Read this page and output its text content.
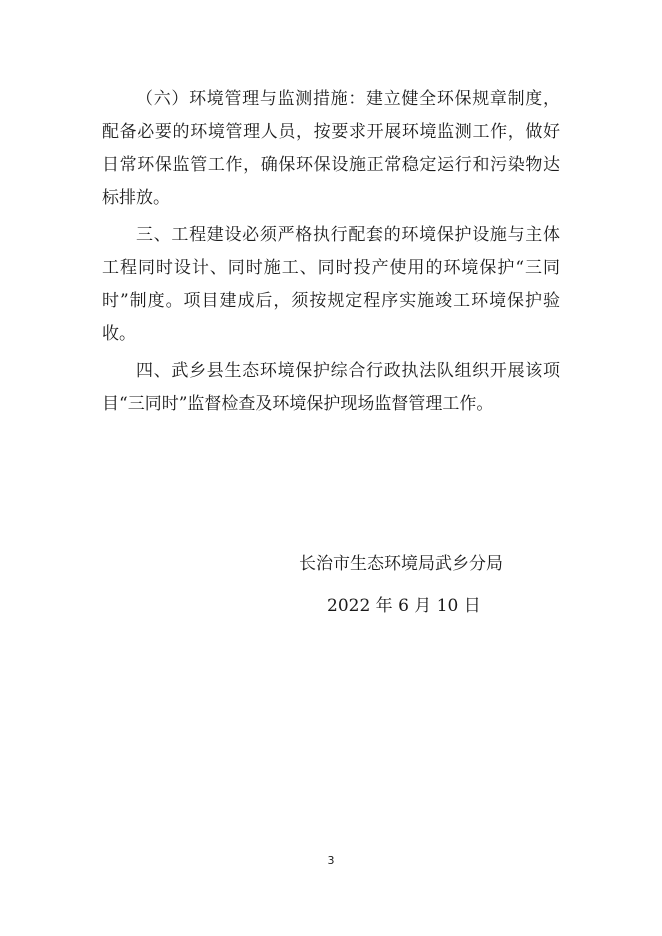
（六）环境管理与监测措施：建立健全环保规章制度，配备必要的环境管理人员，按要求开展环境监测工作，做好日常环保监管工作，确保环保设施正常稳定运行和污染物达标排放。

三、工程建设必须严格执行配套的环境保护设施与主体工程同时设计、同时施工、同时投产使用的环境保护“三同时”制度。项目建成后，须按规定程序实施竣工环境保护验收。

四、武乡县生态环境保护综合行政执法队组织开展该项目“三同时”监督检查及环境保护现场监督管理工作。

长治市生态环境局武乡分局
2022 年 6 月 10 日
3
